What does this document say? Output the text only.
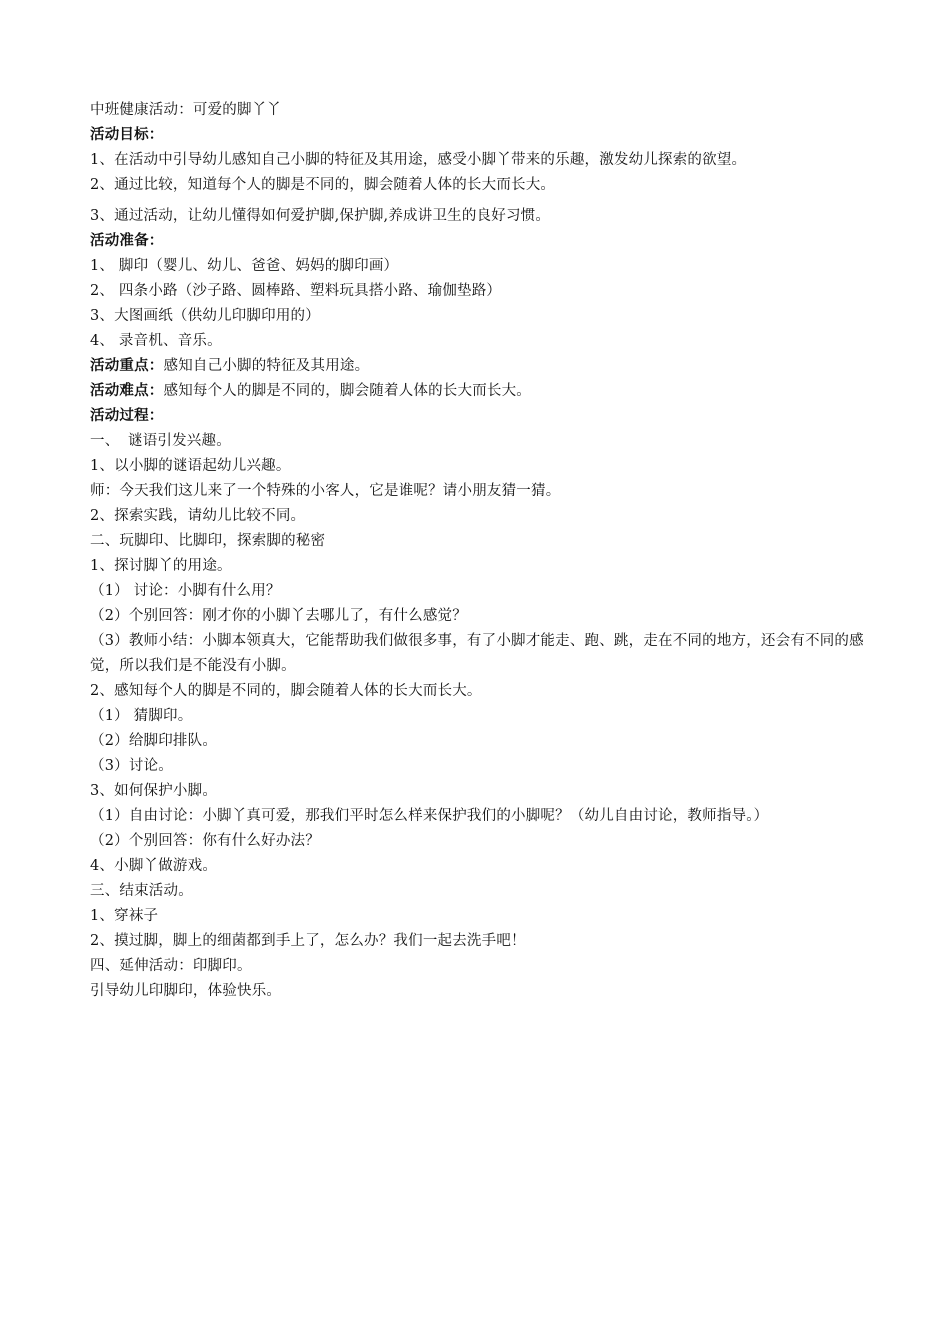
中班健康活动：可爱的脚丫丫
活动目标：
1、在活动中引导幼儿感知自己小脚的特征及其用途，感受小脚丫带来的乐趣，激发幼儿探索的欲望。
2、通过比较，知道每个人的脚是不同的，脚会随着人体的长大而长大。
3、通过活动，让幼儿懂得如何爱护脚,保护脚,养成讲卫生的良好习惯。
活动准备：
1、 脚印（婴儿、幼儿、爸爸、妈妈的脚印画）
2、 四条小路（沙子路、圆棒路、塑料玩具搭小路、瑜伽垫路）
3、大图画纸（供幼儿印脚印用的）
4、 录音机、音乐。
活动重点：感知自己小脚的特征及其用途。
活动难点：感知每个人的脚是不同的，脚会随着人体的长大而长大。
活动过程：
一、 谜语引发兴趣。
1、以小脚的谜语起幼儿兴趣。
师：今天我们这儿来了一个特殊的小客人，它是谁呢？请小朋友猜一猜。
2、探索实践，请幼儿比较不同。
二、玩脚印、比脚印，探索脚的秘密
1、探讨脚丫的用途。
（1） 讨论：小脚有什么用？
（2）个别回答：刚才你的小脚丫去哪儿了，有什么感觉？
（3）教师小结：小脚本领真大，它能帮助我们做很多事，有了小脚才能走、跑、跳，走在不同的地方，还会有不同的感觉，所以我们是不能没有小脚。
2、感知每个人的脚是不同的，脚会随着人体的长大而长大。
（1） 猜脚印。
（2）给脚印排队。
（3）讨论。
3、如何保护小脚。
（1）自由讨论：小脚丫真可爱，那我们平时怎么样来保护我们的小脚呢？（幼儿自由讨论，教师指导。）
（2）个别回答：你有什么好办法？
4、小脚丫做游戏。
三、结束活动。
1、穿袜子
2、摸过脚，脚上的细菌都到手上了，怎么办？我们一起去洗手吧！
四、延伸活动：印脚印。
引导幼儿印脚印，体验快乐。
